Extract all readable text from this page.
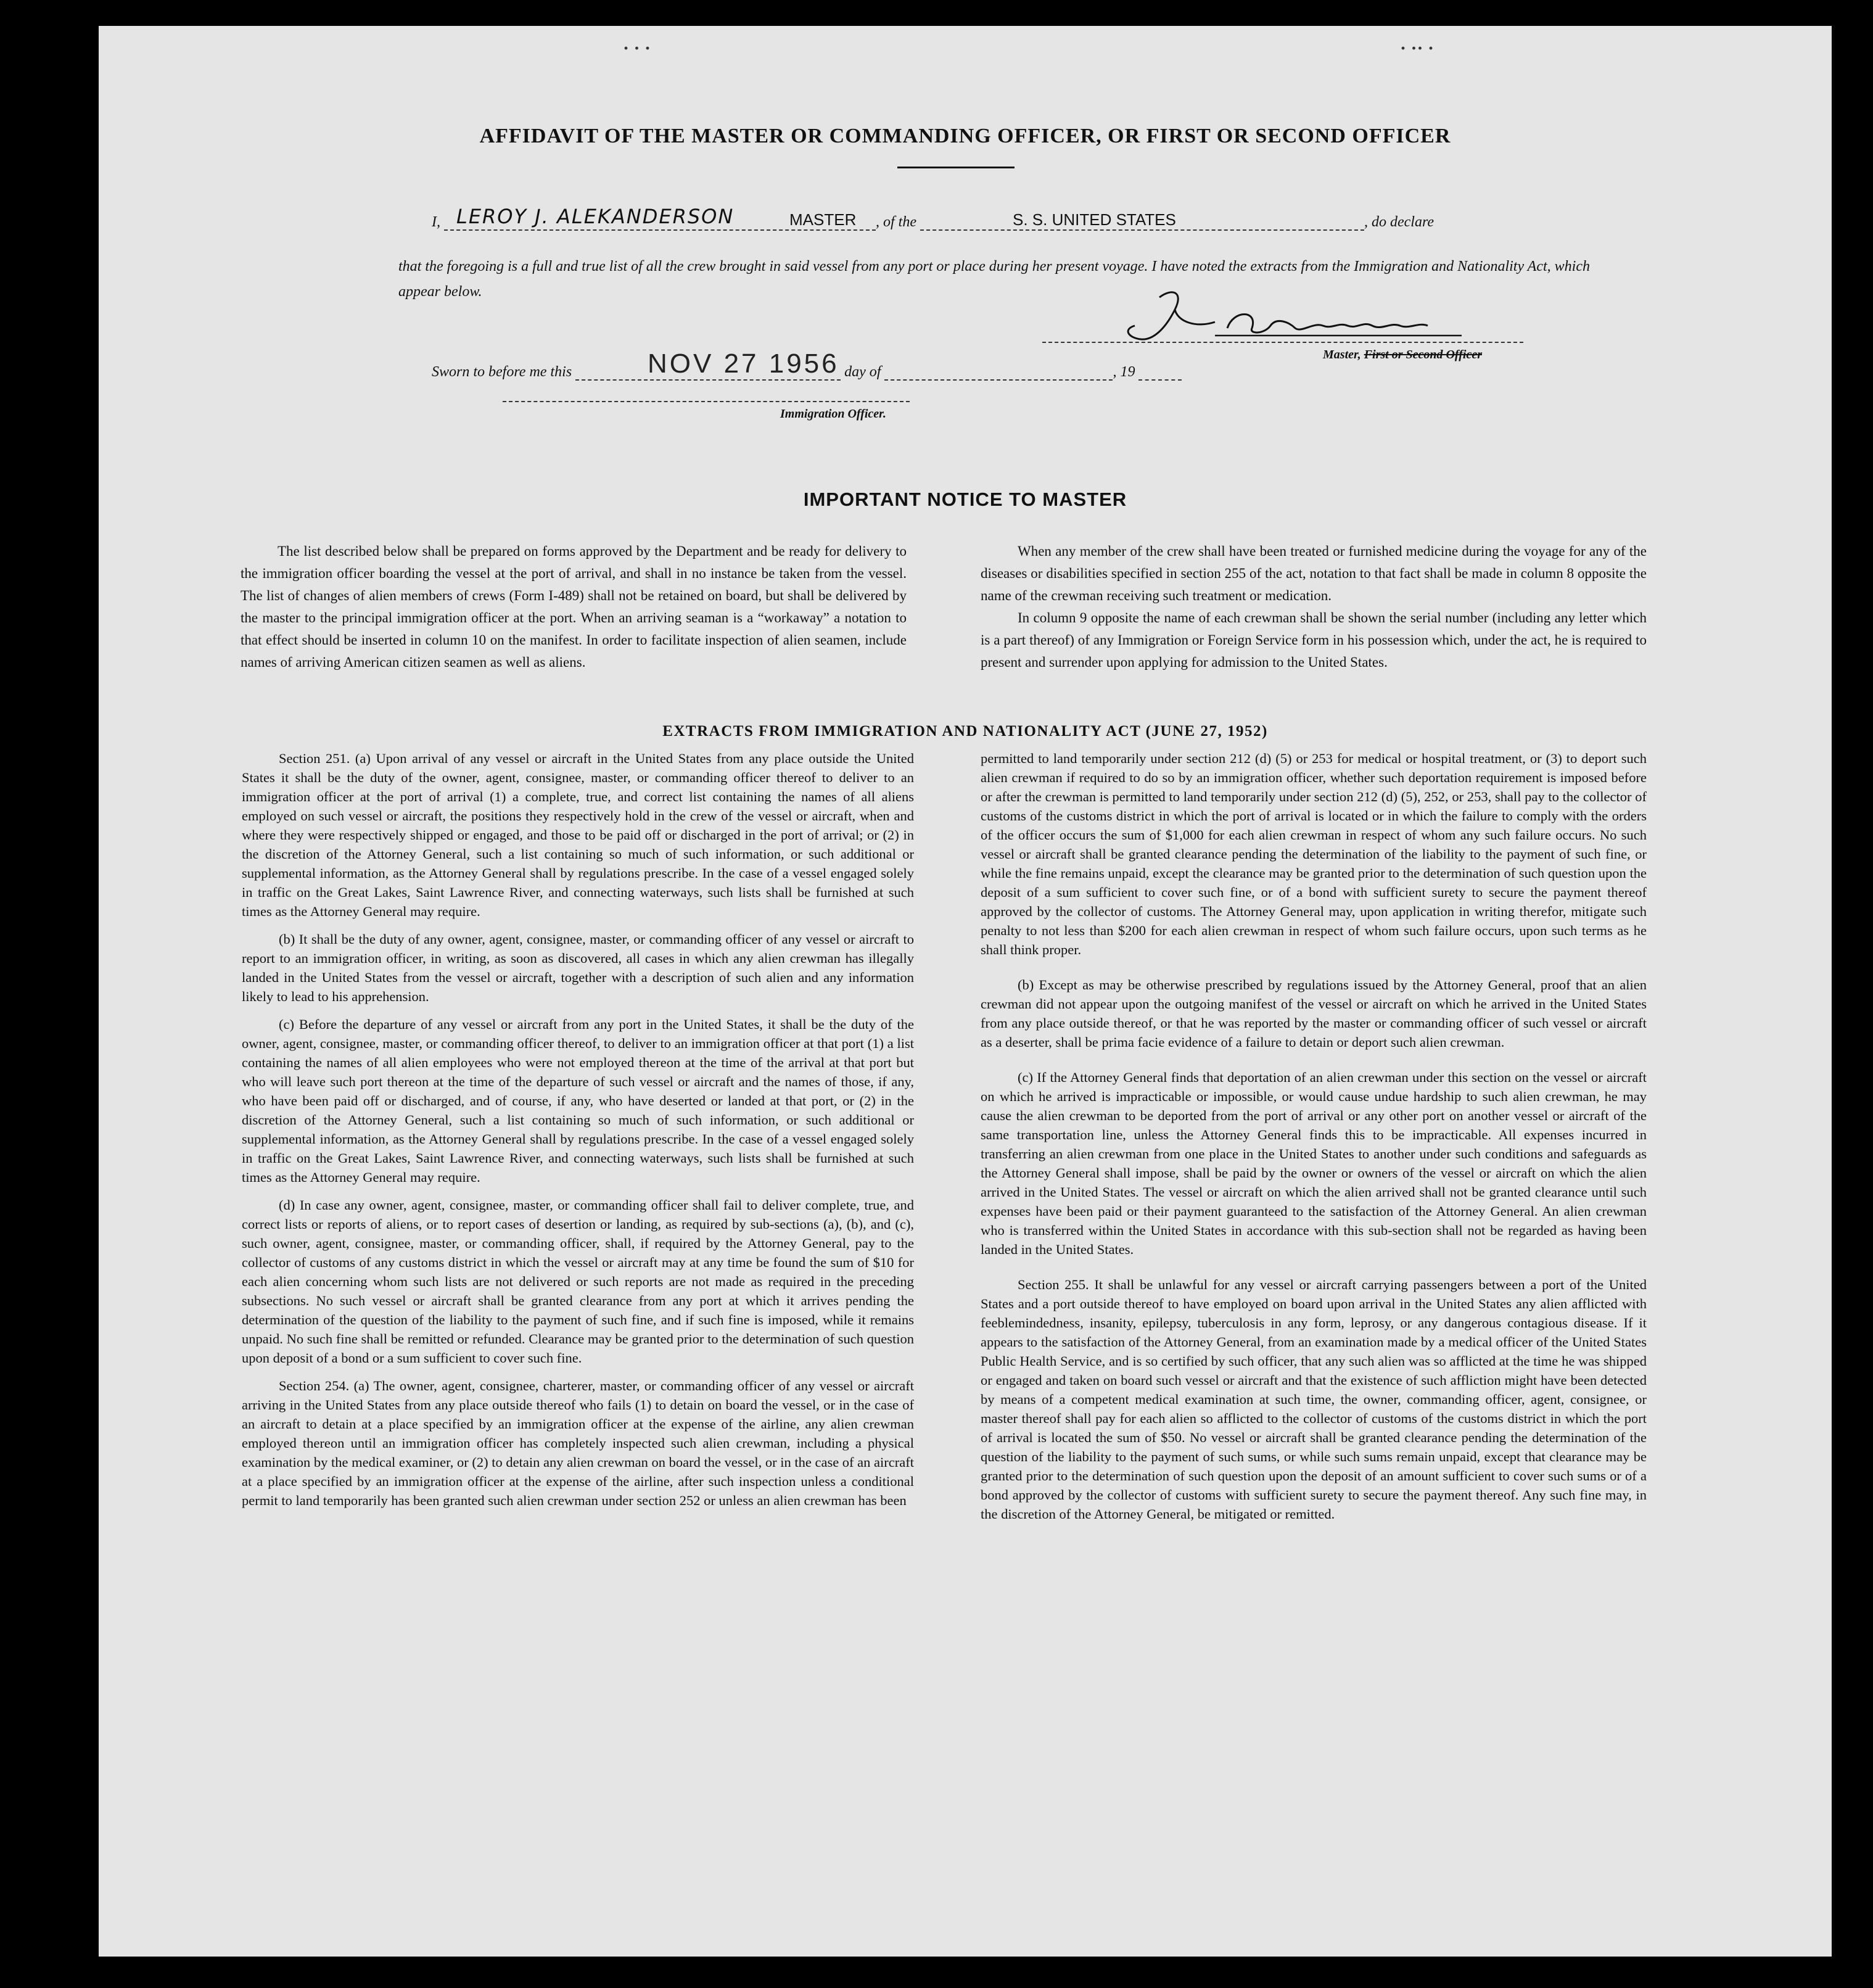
· · ·	· ·· ·
AFFIDAVIT OF THE MASTER OR COMMANDING OFFICER, OR FIRST OR SECOND OFFICER
I, LEROY J. ALEKANDERSON	MASTER , of the	S. S. UNITED STATES	, do declare
that the foregoing is a full and true list of all the crew brought in said vessel from any port or place during her present voyage. I have noted the extracts from the Immigration and Nationality Act, which appear below.
Master, First or Second Officer
NOV 27 1956
Sworn to before me this	day of	, 19
Immigration Officer.
IMPORTANT NOTICE TO MASTER

The list described below shall be prepared on forms approved by the Department and be ready for delivery to the immigration officer boarding the vessel at the port of arrival, and shall in no instance be taken from the vessel. The list of changes of alien members of crews (Form I-489) shall not be retained on board, but shall be delivered by the master to the principal immigration officer at the port. When an arriving seaman is a “workaway” a notation to that effect should be inserted in column 10 on the manifest. In order to facilitate inspection of alien seamen, include names of arriving American citizen seamen as well as aliens.

When any member of the crew shall have been treated or furnished medicine during the voyage for any of the diseases or disabilities specified in section 255 of the act, notation to that fact shall be made in column 8 opposite the name of the crewman receiving such treatment or medication.

In column 9 opposite the name of each crewman shall be shown the serial number (including any letter which is a part thereof) of any Immigration or Foreign Service form in his possession which, under the act, he is required to present and surrender upon applying for admission to the United States.

EXTRACTS FROM IMMIGRATION AND NATIONALITY ACT (JUNE 27, 1952)

Section 251. (a) Upon arrival of any vessel or aircraft in the United States from any place outside the United States it shall be the duty of the owner, agent, consignee, master, or commanding officer thereof to deliver to an immigration officer at the port of arrival (1) a complete, true, and correct list containing the names of all aliens employed on such vessel or aircraft, the positions they respectively hold in the crew of the vessel or aircraft, when and where they were respectively shipped or engaged, and those to be paid off or discharged in the port of arrival; or (2) in the discretion of the Attorney General, such a list containing so much of such information, or such additional or supplemental information, as the Attorney General shall by regulations prescribe. In the case of a vessel engaged solely in traffic on the Great Lakes, Saint Lawrence River, and connecting waterways, such lists shall be furnished at such times as the Attorney General may require.

(b) It shall be the duty of any owner, agent, consignee, master, or commanding officer of any vessel or aircraft to report to an immigration officer, in writing, as soon as discovered, all cases in which any alien crewman has illegally landed in the United States from the vessel or aircraft, together with a description of such alien and any information likely to lead to his apprehension.

(c) Before the departure of any vessel or aircraft from any port in the United States, it shall be the duty of the owner, agent, consignee, master, or commanding officer thereof, to deliver to an immigration officer at that port (1) a list containing the names of all alien employees who were not employed thereon at the time of the arrival at that port but who will leave such port thereon at the time of the departure of such vessel or aircraft and the names of those, if any, who have been paid off or discharged, and of course, if any, who have deserted or landed at that port, or (2) in the discretion of the Attorney General, such a list containing so much of such information, or such additional or supplemental information, as the Attorney General shall by regulations prescribe. In the case of a vessel engaged solely in traffic on the Great Lakes, Saint Lawrence River, and connecting waterways, such lists shall be furnished at such times as the Attorney General may require.

(d) In case any owner, agent, consignee, master, or commanding officer shall fail to deliver complete, true, and correct lists or reports of aliens, or to report cases of desertion or landing, as required by sub-sections (a), (b), and (c), such owner, agent, consignee, master, or commanding officer, shall, if required by the Attorney General, pay to the collector of customs of any customs district in which the vessel or aircraft may at any time be found the sum of $10 for each alien concerning whom such lists are not delivered or such reports are not made as required in the preceding subsections. No such vessel or aircraft shall be granted clearance from any port at which it arrives pending the determination of the question of the liability to the payment of such fine, and if such fine is imposed, while it remains unpaid. No such fine shall be remitted or refunded. Clearance may be granted prior to the determination of such question upon deposit of a bond or a sum sufficient to cover such fine.

Section 254. (a) The owner, agent, consignee, charterer, master, or commanding officer of any vessel or aircraft arriving in the United States from any place outside thereof who fails (1) to detain on board the vessel, or in the case of an aircraft to detain at a place specified by an immigration officer at the expense of the airline, any alien crewman employed thereon until an immigration officer has completely inspected such alien crewman, including a physical examination by the medical examiner, or (2) to detain any alien crewman on board the vessel, or in the case of an aircraft at a place specified by an immigration officer at the expense of the airline, after such inspection unless a conditional permit to land temporarily has been granted such alien crewman under section 252 or unless an alien crewman has been

permitted to land temporarily under section 212 (d) (5) or 253 for medical or hospital treatment, or (3) to deport such alien crewman if required to do so by an immigration officer, whether such deportation requirement is imposed before or after the crewman is permitted to land temporarily under section 212 (d) (5), 252, or 253, shall pay to the collector of customs of the customs district in which the port of arrival is located or in which the failure to comply with the orders of the officer occurs the sum of $1,000 for each alien crewman in respect of whom any such failure occurs. No such vessel or aircraft shall be granted clearance pending the determination of the liability to the payment of such fine, or while the fine remains unpaid, except the clearance may be granted prior to the determination of such question upon the deposit of a sum sufficient to cover such fine, or of a bond with sufficient surety to secure the payment thereof approved by the collector of customs. The Attorney General may, upon application in writing therefor, mitigate such penalty to not less than $200 for each alien crewman in respect of whom such failure occurs, upon such terms as he shall think proper.

(b) Except as may be otherwise prescribed by regulations issued by the Attorney General, proof that an alien crewman did not appear upon the outgoing manifest of the vessel or aircraft on which he arrived in the United States from any place outside thereof, or that he was reported by the master or commanding officer of such vessel or aircraft as a deserter, shall be prima facie evidence of a failure to detain or deport such alien crewman.

(c) If the Attorney General finds that deportation of an alien crewman under this section on the vessel or aircraft on which he arrived is impracticable or impossible, or would cause undue hardship to such alien crewman, he may cause the alien crewman to be deported from the port of arrival or any other port on another vessel or aircraft of the same transportation line, unless the Attorney General finds this to be impracticable. All expenses incurred in transferring an alien crewman from one place in the United States to another under such conditions and safeguards as the Attorney General shall impose, shall be paid by the owner or owners of the vessel or aircraft on which the alien arrived in the United States. The vessel or aircraft on which the alien arrived shall not be granted clearance until such expenses have been paid or their payment guaranteed to the satisfaction of the Attorney General. An alien crewman who is transferred within the United States in accordance with this sub-section shall not be regarded as having been landed in the United States.

Section 255. It shall be unlawful for any vessel or aircraft carrying passengers between a port of the United States and a port outside thereof to have employed on board upon arrival in the United States any alien afflicted with feeblemindedness, insanity, epilepsy, tuberculosis in any form, leprosy, or any dangerous contagious disease. If it appears to the satisfaction of the Attorney General, from an examination made by a medical officer of the United States Public Health Service, and is so certified by such officer, that any such alien was so afflicted at the time he was shipped or engaged and taken on board such vessel or aircraft and that the existence of such affliction might have been detected by means of a competent medical examination at such time, the owner, commanding officer, agent, consignee, or master thereof shall pay for each alien so afflicted to the collector of customs of the customs district in which the port of arrival is located the sum of $50. No vessel or aircraft shall be granted clearance pending the determination of the question of the liability to the payment of such sums, or while such sums remain unpaid, except that clearance may be granted prior to the determination of such question upon the deposit of an amount sufficient to cover such sums or of a bond approved by the collector of customs with sufficient surety to secure the payment thereof. Any such fine may, in the discretion of the Attorney General, be mitigated or remitted.
